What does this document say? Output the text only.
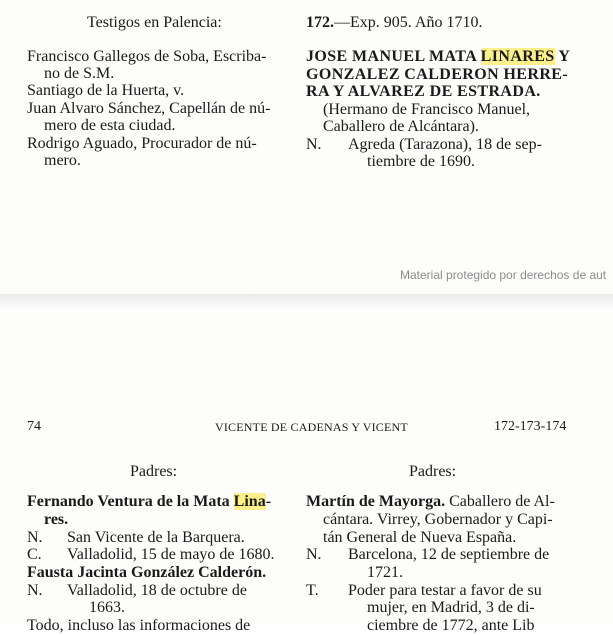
Testigos en Palencia:
Francisco Gallegos de Soba, Escriba-
no de S.M.
Santiago de la Huerta, v.
Juan Alvaro Sánchez, Capellán de nú-
mero de esta ciudad.
Rodrigo Aguado, Procurador de nú-
mero.
172.—Exp. 905. Año 1710.
JOSE MANUEL MATA LINARES Y
GONZALEZ CALDERON HERRE-
RA Y ALVAREZ DE ESTRADA.
(Hermano de Francisco Manuel,
Caballero de Alcántara).
N. Agreda (Tarazona), 18 de sep-
tiembre de 1690.
Material protegido por derechos de aut
74	VICENTE DE CADENAS Y VICENT	172-173-174
Padres:
Fernando Ventura de la Mata Lina-
res.
N. San Vicente de la Barquera.
C. Valladolid, 15 de mayo de 1680.
Fausta Jacinta González Calderón.
N. Valladolid, 18 de octubre de
1663.
Todo, incluso las informaciones de
Padres:
Martín de Mayorga. Caballero de Al-
cántara. Virrey, Gobernador y Capi-
tán General de Nueva España.
N. Barcelona, 12 de septiembre de
1721.
T. Poder para testar a favor de su
mujer, en Madrid, 3 de di-
ciembre de 1772, ante Lib
